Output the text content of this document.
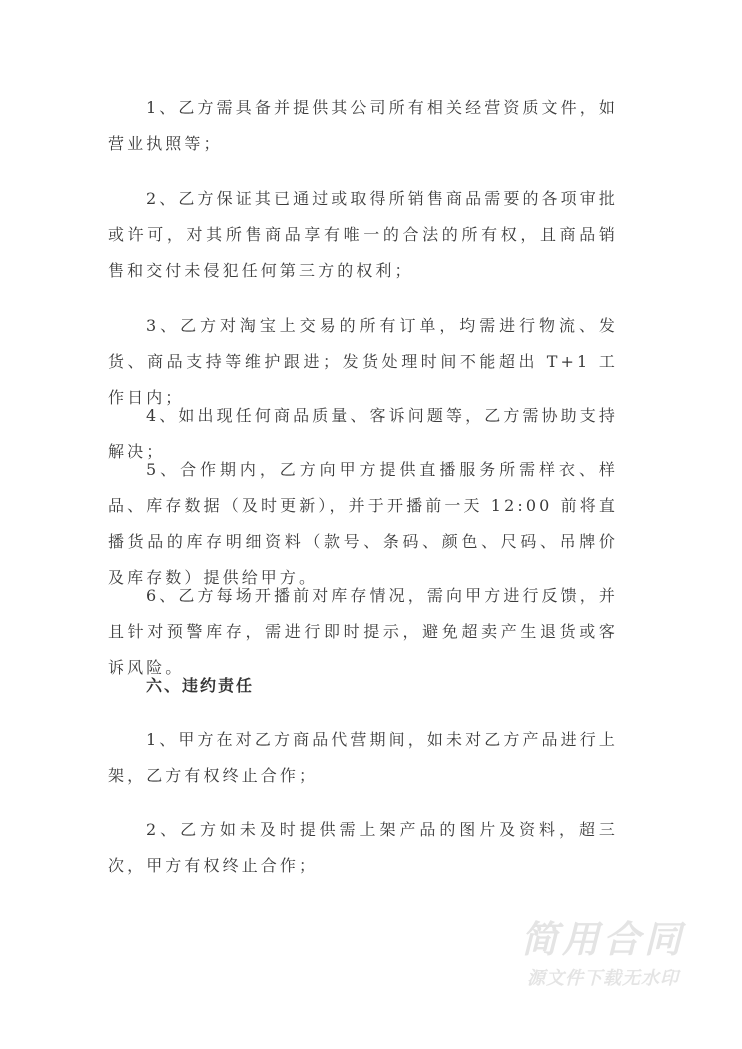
1、乙方需具备并提供其公司所有相关经营资质文件，如营业执照等；

2、乙方保证其已通过或取得所销售商品需要的各项审批或许可，对其所售商品享有唯一的合法的所有权，且商品销售和交付未侵犯任何第三方的权利；

3、乙方对淘宝上交易的所有订单，均需进行物流、发货、商品支持等维护跟进；发货处理时间不能超出 T+1 工作日内；

4、如出现任何商品质量、客诉问题等，乙方需协助支持解决；

5、合作期内，乙方向甲方提供直播服务所需样衣、样品、库存数据（及时更新），并于开播前一天 12:00 前将直播货品的库存明细资料（款号、条码、颜色、尺码、吊牌价及库存数）提供给甲方。

6、乙方每场开播前对库存情况，需向甲方进行反馈，并且针对预警库存，需进行即时提示，避免超卖产生退货或客诉风险。

六、违约责任

1、甲方在对乙方商品代营期间，如未对乙方产品进行上架，乙方有权终止合作；

2、乙方如未及时提供需上架产品的图片及资料，超三次，甲方有权终止合作；

简用合同
源文件下载无水印
